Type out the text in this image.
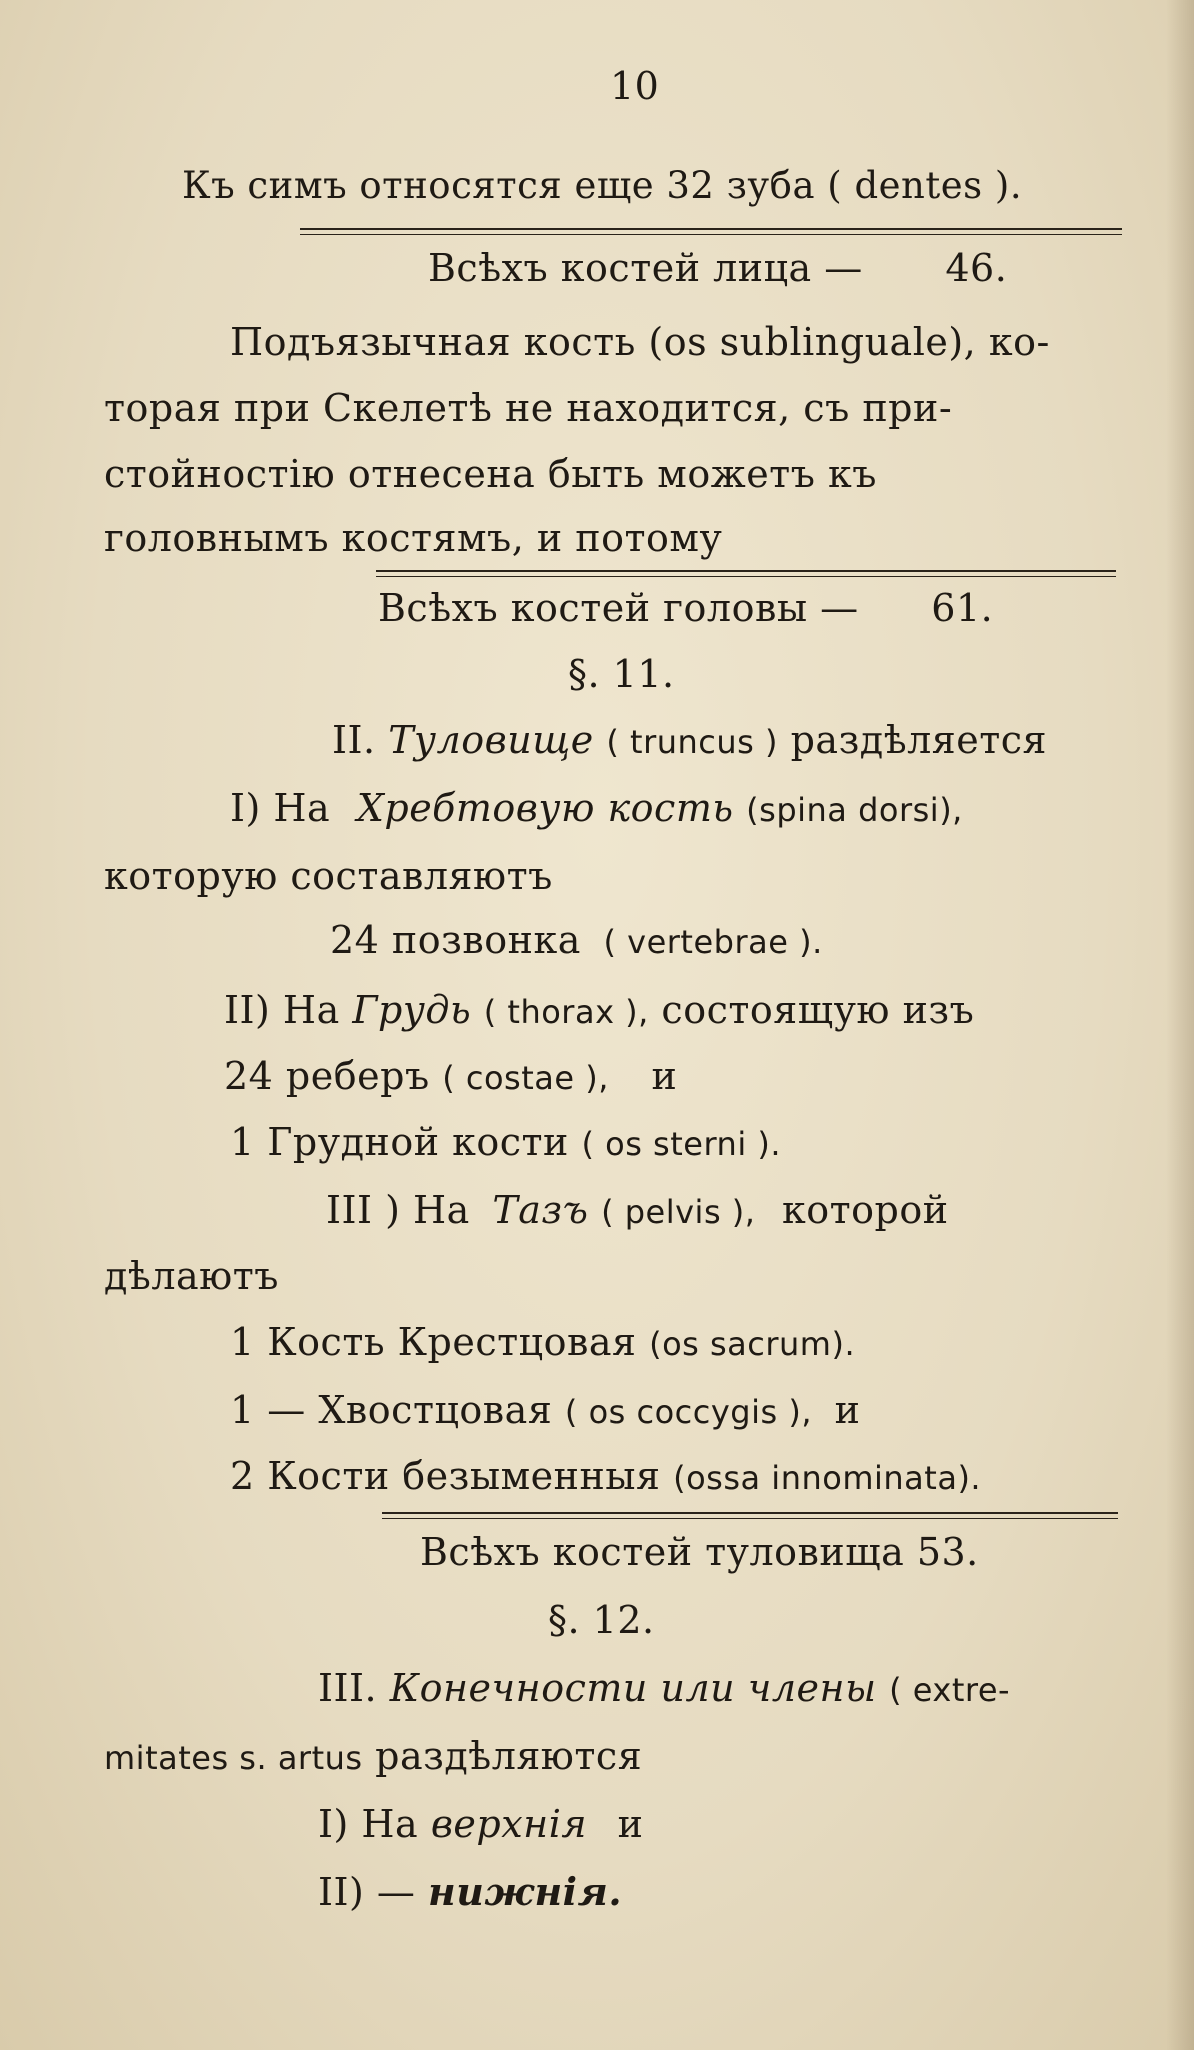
10
Къ симъ относятся еще 32 зуба ( dentes ).
Всѣхъ костей лица — 46.
Подъязычная кость (os sublinguale), ко-
торая при Скелетѣ не находится, съ при-
стойностію отнесена быть можетъ къ
головнымъ костямъ, и потому
Всѣхъ костей головы — 61.
§. 11.
II. Туловище ( truncus ) раздѣляется
I) На Хребтовую кость (spina dorsi),
которую составляютъ
24 позвонка ( vertebrae ).
II) На Грудь ( thorax ), состоящую изъ
24 реберъ ( costae ), и
1 Грудной кости ( os sterni ).
III ) На Тазъ ( pelvis ), которой
дѣлаютъ
1 Кость Крестцовая (os sacrum).
1 — Хвостцовая ( os coccygis ), и
2 Кости безыменныя (ossa innominata).
Всѣхъ костей туловища 53.
§. 12.
III. Конечности или члены ( extre-
mitates s. artus раздѣляются
I) На верхнія и
II) — нижнія.
